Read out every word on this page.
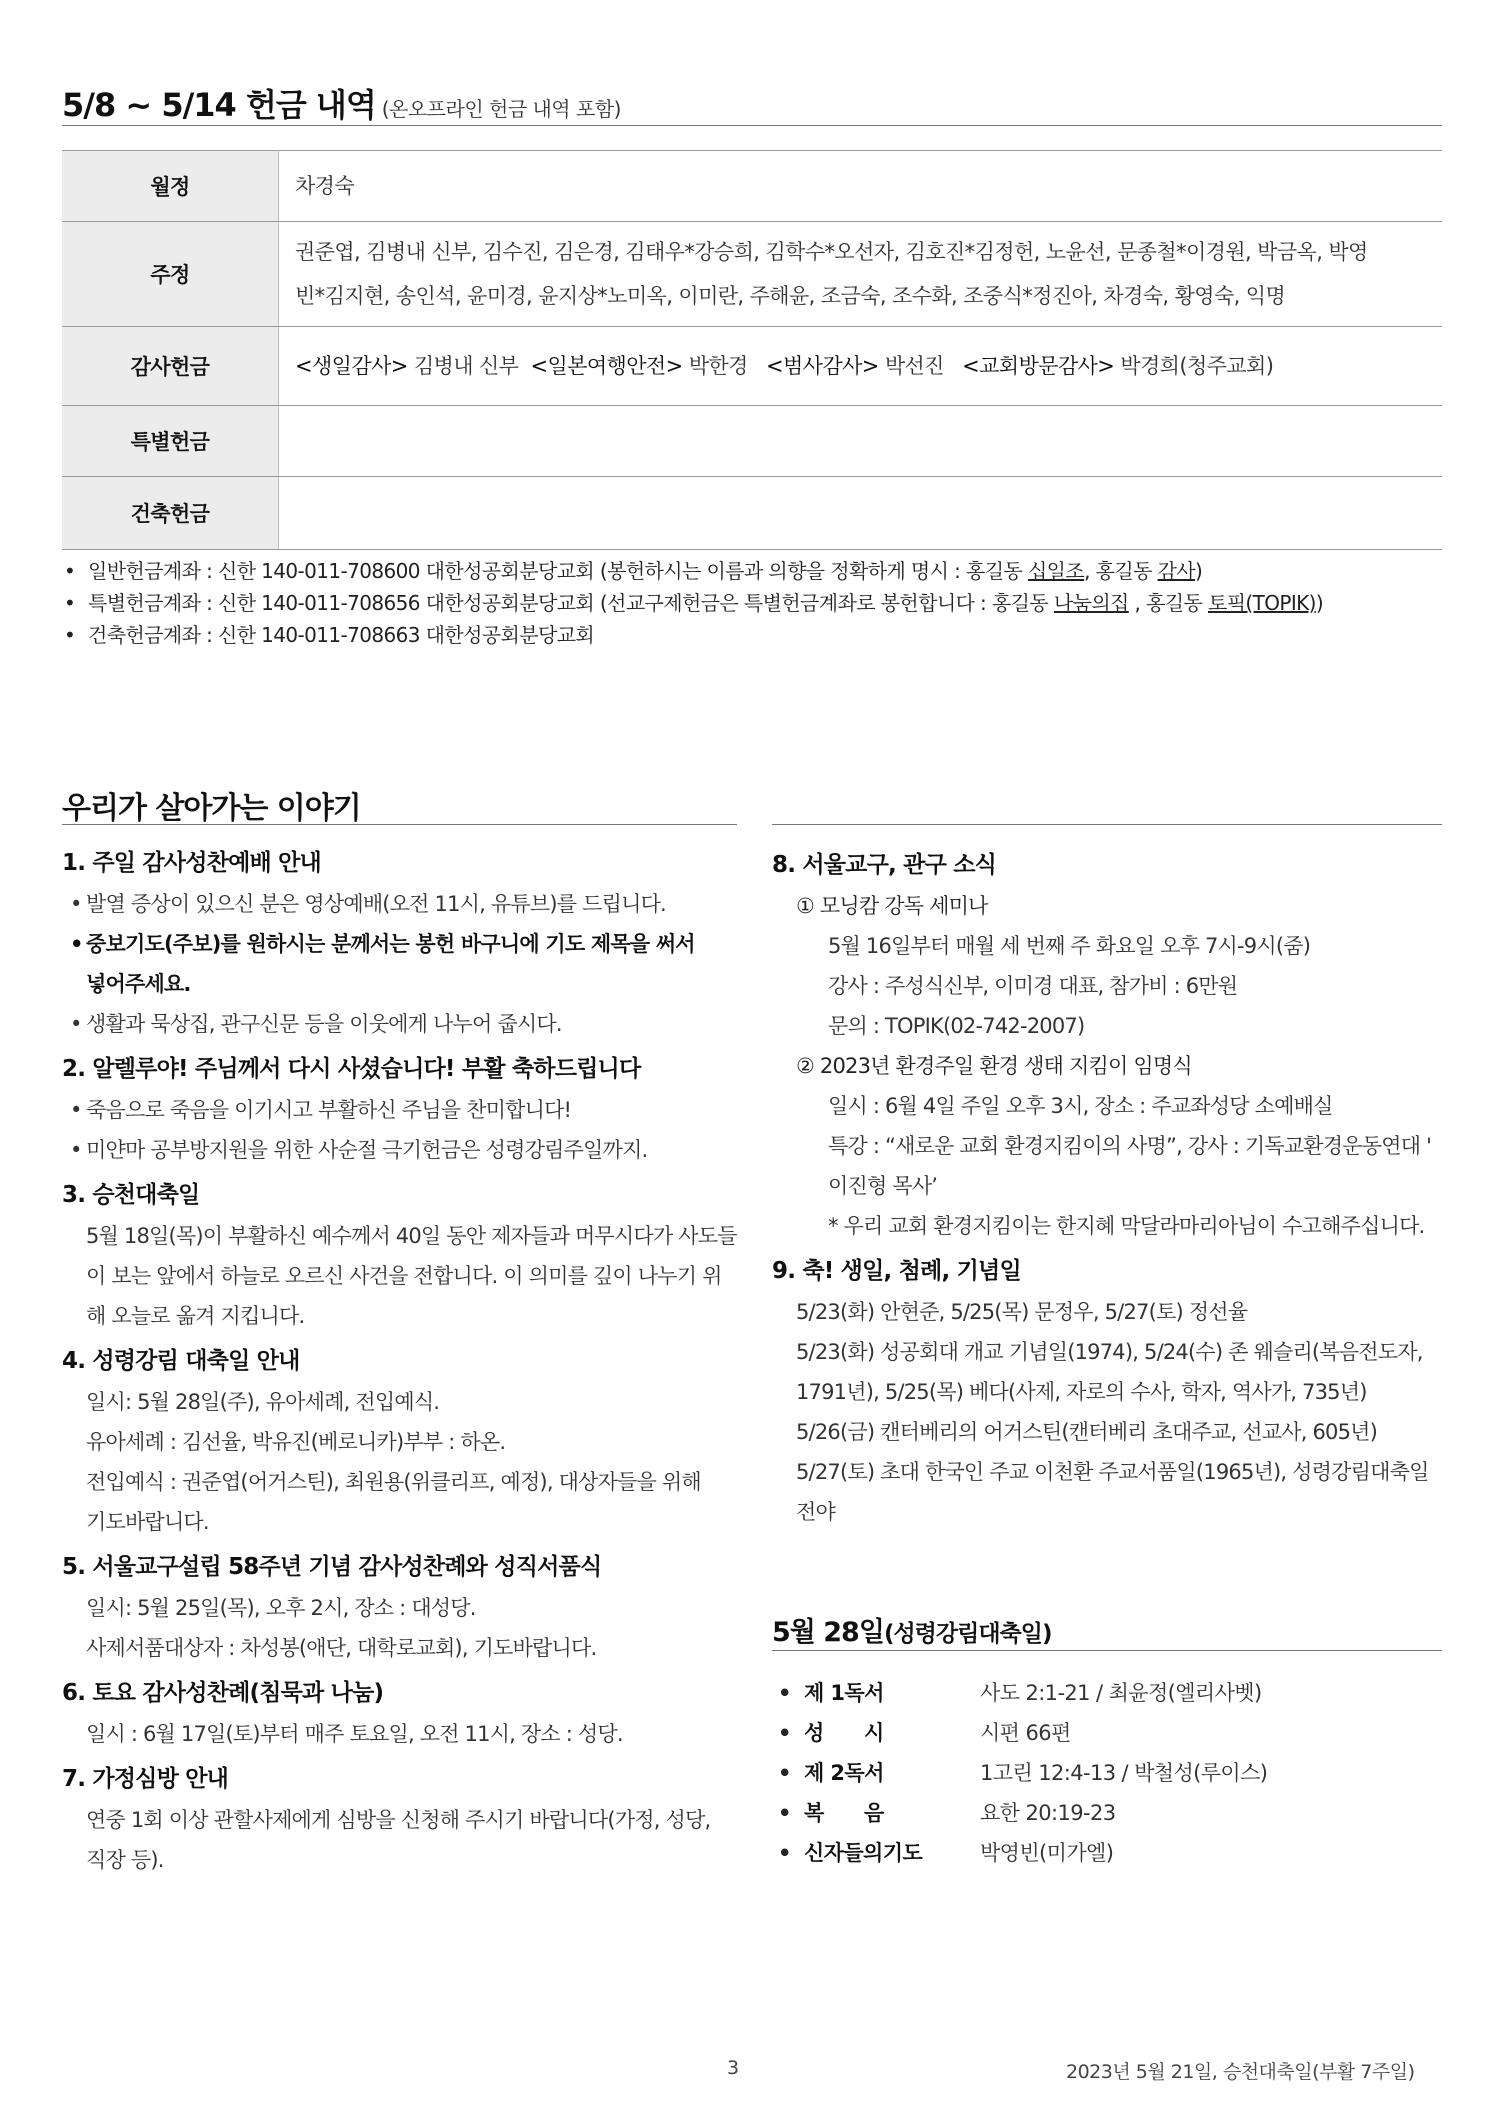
5/8 ~ 5/14 헌금 내역 (온오프라인 헌금 내역 포함)
월정	차경숙
주정	권준엽, 김병내 신부, 김수진, 김은경, 김태우*강승희, 김학수*오선자, 김호진*김정헌, 노윤선, 문종철*이경원, 박금옥, 박영
빈*김지현, 송인석, 윤미경, 윤지상*노미옥, 이미란, 주해윤, 조금숙, 조수화, 조중식*정진아, 차경숙, 황영숙, 익명

감사헌금	<생일감사> 김병내 신부 <일본여행안전> 박한경 <범사감사> 박선진 <교회방문감사> 박경희(청주교회)
특별헌금	
건축헌금	
• 일반헌금계좌 : 신한 140-011-708600 대한성공회분당교회 (봉헌하시는 이름과 의향을 정확하게 명시 : 홍길동 십일조, 홍길동 감사)
• 특별헌금계좌 : 신한 140-011-708656 대한성공회분당교회 (선교구제헌금은 특별헌금계좌로 봉헌합니다 : 홍길동 나눔의집 , 홍길동 토픽(TOPIK))
• 건축헌금계좌 : 신한 140-011-708663 대한성공회분당교회
우리가 살아가는 이야기
1. 주일 감사성찬예배 안내
• 발열 증상이 있으신 분은 영상예배(오전 11시, 유튜브)를 드립니다.
• 중보기도(주보)를 원하시는 분께서는 봉헌 바구니에 기도 제목을 써서
넣어주세요.
• 생활과 묵상집, 관구신문 등을 이웃에게 나누어 줍시다.
2. 알렐루야! 주님께서 다시 사셨습니다! 부활 축하드립니다
• 죽음으로 죽음을 이기시고 부활하신 주님을 찬미합니다!
• 미얀마 공부방지원을 위한 사순절 극기헌금은 성령강림주일까지.
3. 승천대축일
5월 18일(목)이 부활하신 예수께서 40일 동안 제자들과 머무시다가 사도들
이 보는 앞에서 하늘로 오르신 사건을 전합니다. 이 의미를 깊이 나누기 위
해 오늘로 옮겨 지킵니다.
4. 성령강림 대축일 안내
일시: 5월 28일(주), 유아세례, 전입예식.
유아세례 : 김선율, 박유진(베로니카)부부 : 하온.
전입예식 : 권준엽(어거스틴), 최원용(위클리프, 예정), 대상자들을 위해
기도바랍니다.
5. 서울교구설립 58주년 기념 감사성찬례와 성직서품식
일시: 5월 25일(목), 오후 2시, 장소 : 대성당.
사제서품대상자 : 차성봉(애단, 대학로교회), 기도바랍니다.
6. 토요 감사성찬례(침묵과 나눔)
일시 : 6월 17일(토)부터 매주 토요일, 오전 11시, 장소 : 성당.
7. 가정심방 안내
연중 1회 이상 관할사제에게 심방을 신청해 주시기 바랍니다(가정, 성당,
직장 등).
8. 서울교구, 관구 소식
① 모닝캄 강독 세미나
5월 16일부터 매월 세 번째 주 화요일 오후 7시-9시(줌)
강사 : 주성식신부, 이미경 대표, 참가비 : 6만원
문의 : TOPIK(02-742-2007)
② 2023년 환경주일 환경 생태 지킴이 임명식
일시 : 6월 4일 주일 오후 3시, 장소 : 주교좌성당 소예배실
특강 : “새로운 교회 환경지킴이의 사명”, 강사 : 기독교환경운동연대 '
이진형 목사’
* 우리 교회 환경지킴이는 한지혜 막달라마리아님이 수고해주십니다.
9. 축! 생일, 첨례, 기념일
5/23(화) 안현준, 5/25(목) 문정우, 5/27(토) 정선율
5/23(화) 성공회대 개교 기념일(1974), 5/24(수) 존 웨슬리(복음전도자,
1791년), 5/25(목) 베다(사제, 자로의 수사, 학자, 역사가, 735년)
5/26(금) 캔터베리의 어거스틴(캔터베리 초대주교, 선교사, 605년)
5/27(토) 초대 한국인 주교 이천환 주교서품일(1965년), 성령강림대축일
전야
5월 28일(성령강림대축일)
• 제 1독서	사도 2:1-21 / 최윤정(엘리사벳)
• 성      시	시편 66편
• 제 2독서	1고린 12:4-13 / 박철성(루이스)
• 복      음	요한 20:19-23
• 신자들의기도	박영빈(미가엘)
3	2023년 5월 21일, 승천대축일(부활 7주일)
